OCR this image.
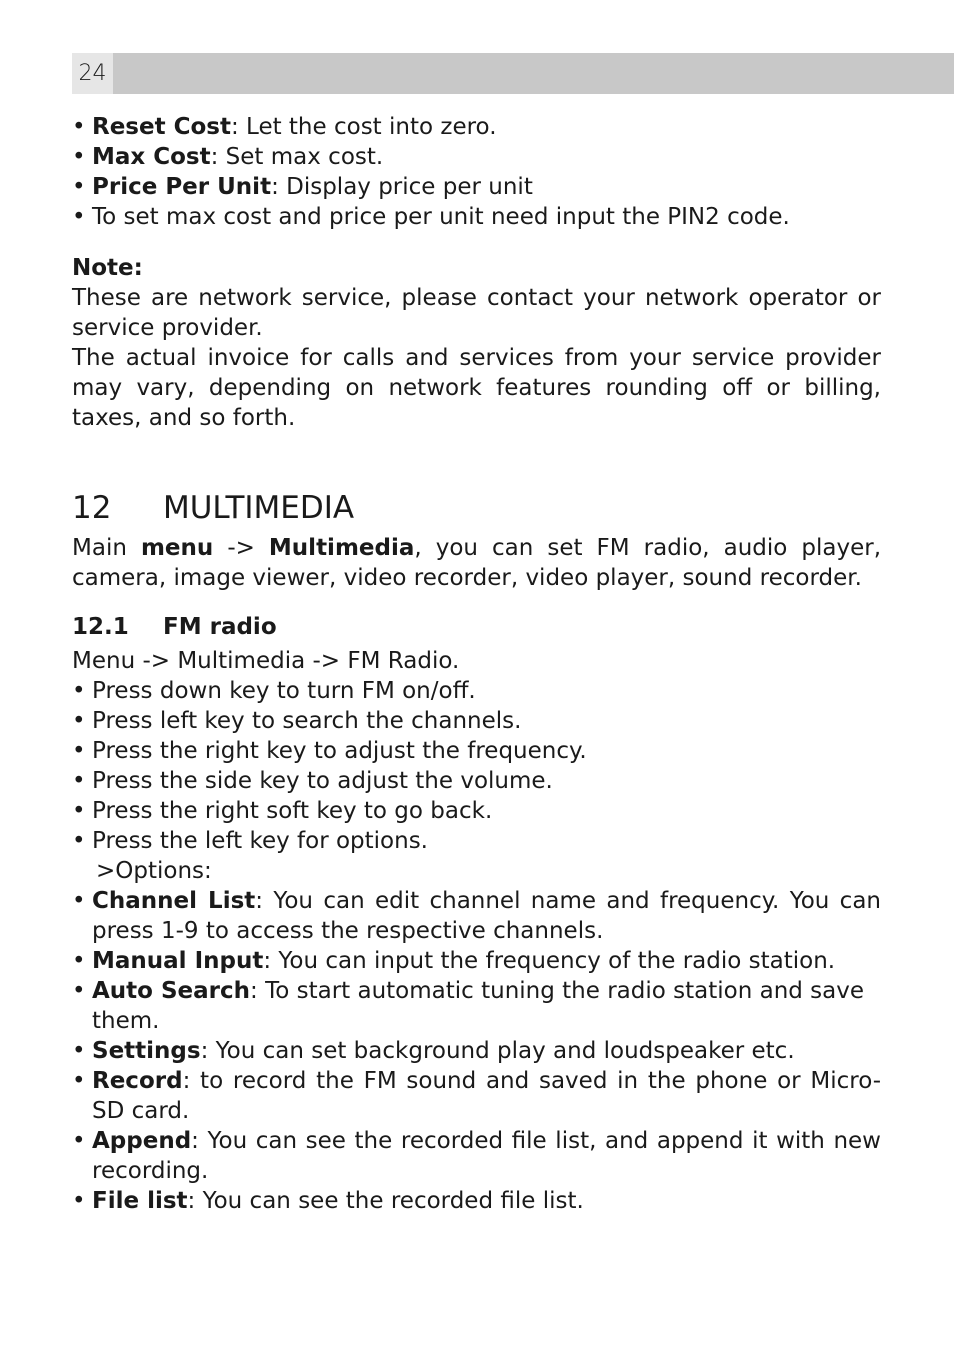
24

• Reset Cost: Let the cost into zero.

• Max Cost: Set max cost.

• Price Per Unit: Display price per unit

• To set max cost and price per unit need input the PIN2 code.

Note:

These are network service, please contact your network operator or service provider.

The actual invoice for calls and services from your service provider may vary, depending on network features rounding off or billing, taxes, and so forth.

12	MULTIMEDIA

Main menu -> Multimedia, you can set FM radio, audio player, camera, image viewer, video recorder, video player, sound recorder.

12.1	FM radio

Menu -> Multimedia -> FM Radio.

• Press down key to turn FM on/off.

• Press left key to search the channels.

• Press the right key to adjust the frequency.

• Press the side key to adjust the volume.

• Press the right soft key to go back.

• Press the left key for options.

>Options:

• Channel List: You can edit channel name and frequency. You can press 1-9 to access the respective channels.

• Manual Input: You can input the frequency of the radio station.

• Auto Search: To start automatic tuning the radio station and save them.

• Settings: You can set background play and loudspeaker etc.

• Record: to record the FM sound and saved in the phone or Micro-SD card.

• Append: You can see the recorded file list, and append it with new recording.

• File list: You can see the recorded file list.
